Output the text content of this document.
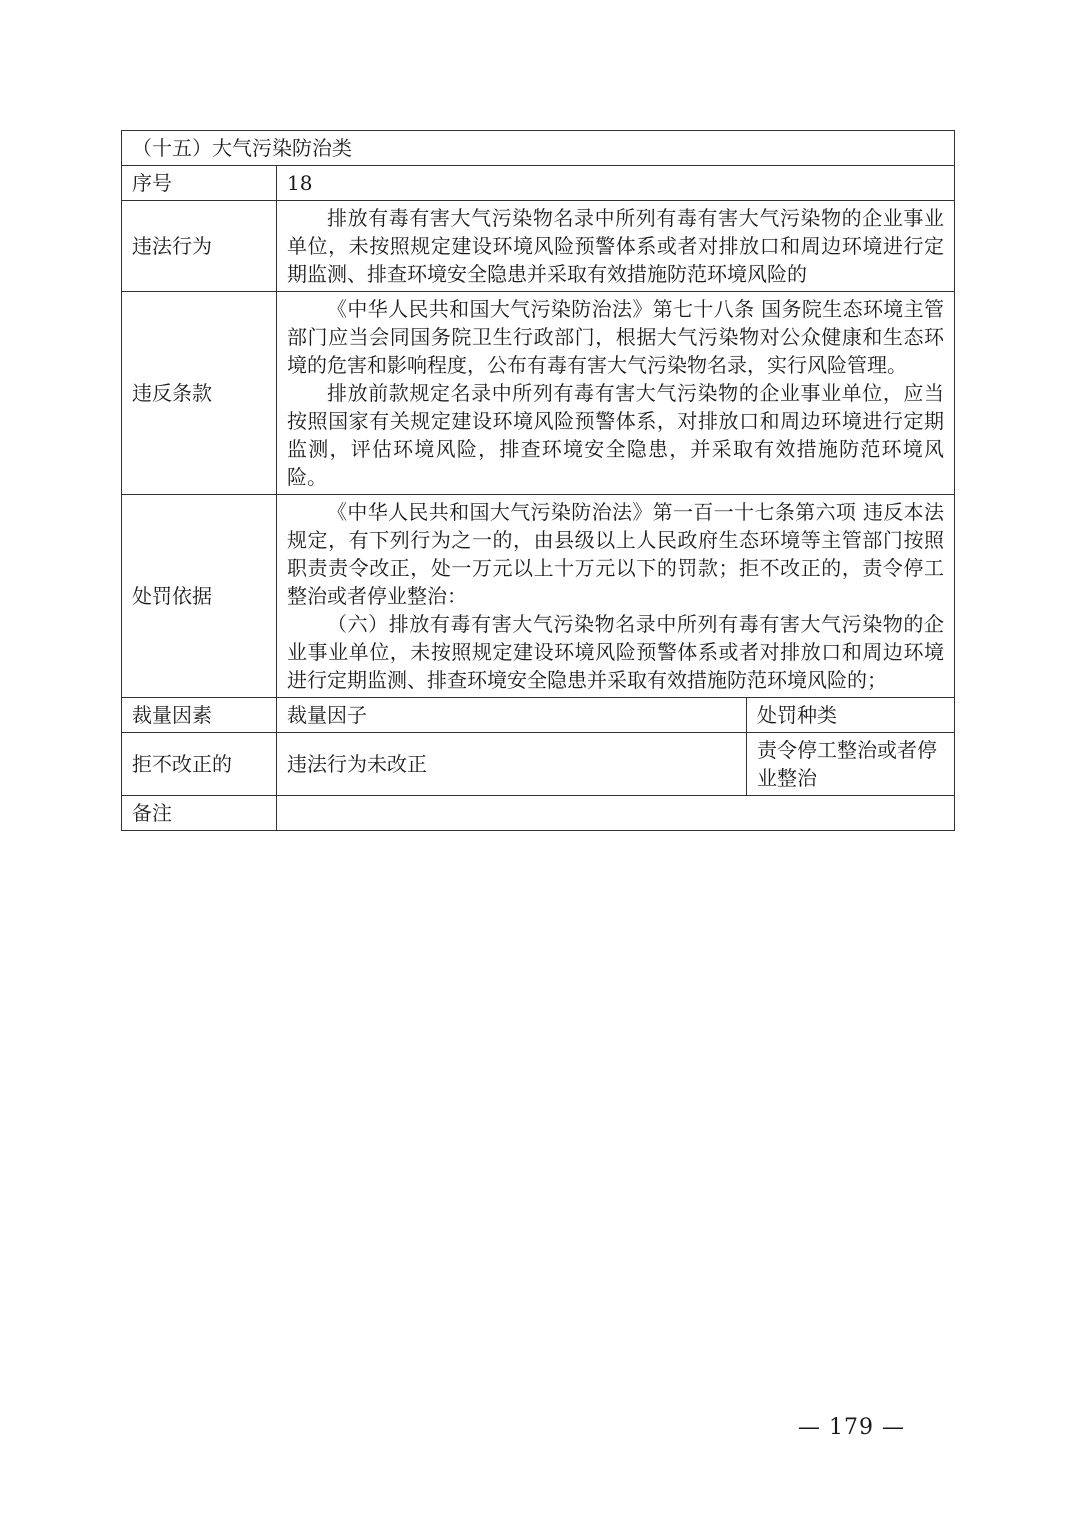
（十五）大气污染防治类		
序号	18	
违法行为	排放有毒有害大气污染物名录中所列有毒有害大气污染物的企业事业单位，未按照规定建设环境风险预警体系或者对排放口和周边环境进行定期监测、排查环境安全隐患并采取有效措施防范环境风险的	

违反条款	《中华人民共和国大气污染防治法》第七十八条 国务院生态环境主管部门应当会同国务院卫生行政部门，根据大气污染物对公众健康和生态环境的危害和影响程度，公布有毒有害大气污染物名录，实行风险管理。

排放前款规定名录中所列有毒有害大气污染物的企业事业单位，应当按照国家有关规定建设环境风险预警体系，对排放口和周边环境进行定期监测，评估环境风险，排查环境安全隐患，并采取有效措施防范环境风险。	

处罚依据	《中华人民共和国大气污染防治法》第一百一十七条第六项 违反本法规定，有下列行为之一的，由县级以上人民政府生态环境等主管部门按照职责责令改正，处一万元以上十万元以下的罚款；拒不改正的，责令停工整治或者停业整治：

（六）排放有毒有害大气污染物名录中所列有毒有害大气污染物的企业事业单位，未按照规定建设环境风险预警体系或者对排放口和周边环境进行定期监测、排查环境安全隐患并采取有效措施防范环境风险的；	

裁量因素	裁量因子	处罚种类
拒不改正的	违法行为未改正	责令停工整治或者停业整治
备注		
— 179 —
